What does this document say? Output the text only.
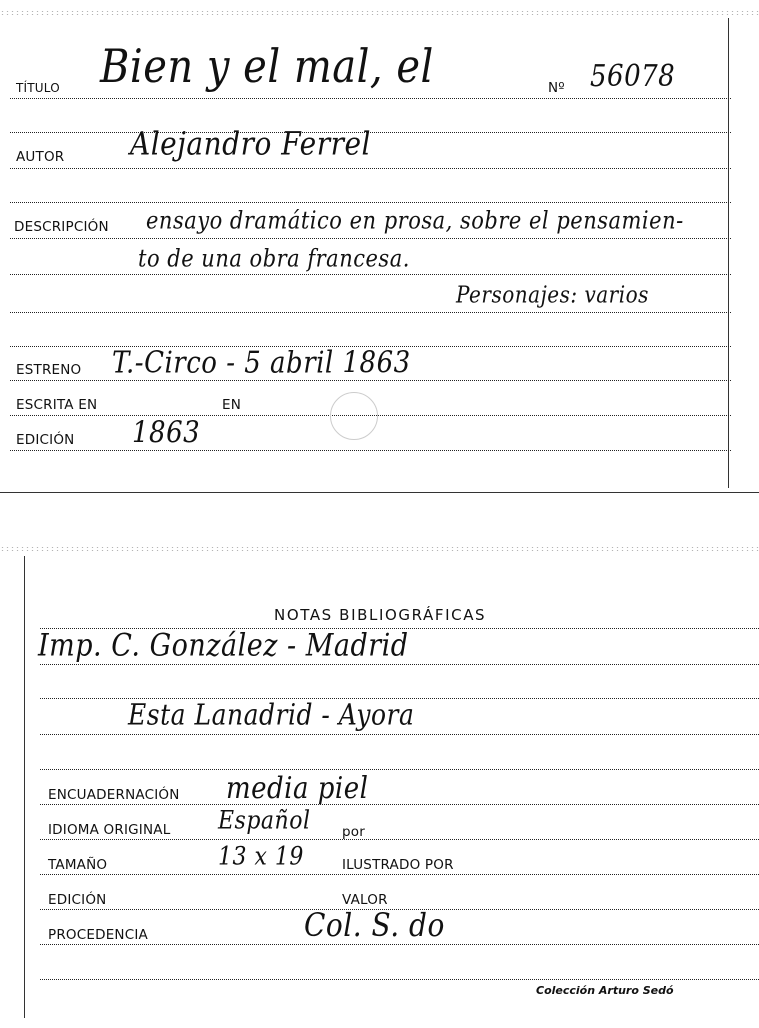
TÍTULO Bien y el mal, el	Nº 56078
AUTOR Alejandro Ferrel
DESCRIPCIÓN ensayo dramático en prosa, sobre el pensamien-
to de una obra francesa.
Personajes: varios
ESTRENO T.-Circo - 5 abril 1863
ESCRITA EN	EN
EDICIÓN 1863
NOTAS BIBLIOGRÁFICAS
Imp. C. González - Madrid
Esta Lanadrid - Ayora
ENCUADERNACIÓN media piel
IDIOMA ORIGINAL Español por
TAMAÑO	13 x 19	ILUSTRADO POR
EDICIÓN	VALOR
PROCEDENCIA	Col. S. do
Colección Arturo Sedó
